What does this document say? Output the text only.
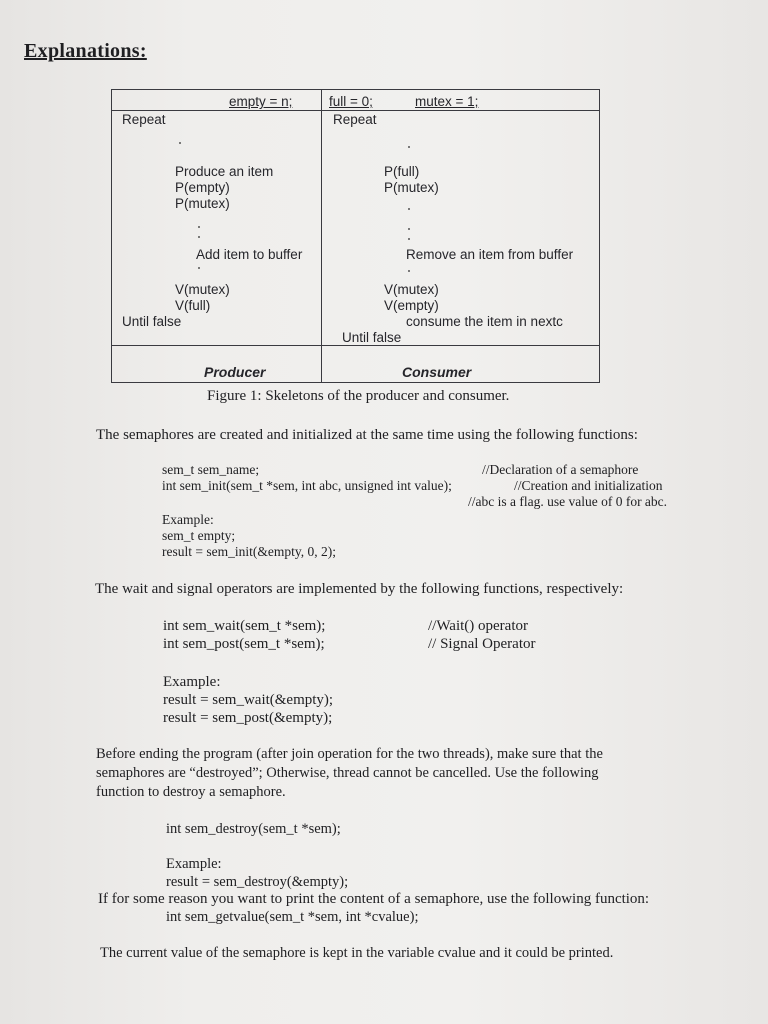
Explanations:
empty = n;	full = 0;	mutex = 1;
Repeat
Produce an item
P(empty)
P(mutex)
Add item to buffer
V(mutex)
V(full)
Until false
Repeat
P(full)
P(mutex)
Remove an item from buffer
V(mutex)
V(empty)
consume the item in nextc
Until false
Producer	Consumer
Figure 1: Skeletons of the producer and consumer.
The semaphores are created and initialized at the same time using the following functions:
sem_t sem_name;	//Declaration of a semaphore
int sem_init(sem_t *sem, int abc, unsigned int value);	//Creation and initialization
//abc is a flag. use value of 0 for abc.
Example:
sem_t empty;
result = sem_init(&empty, 0, 2);
The wait and signal operators are implemented by the following functions, respectively:
int sem_wait(sem_t *sem);	//Wait() operator
int sem_post(sem_t *sem);	// Signal Operator
Example:
result = sem_wait(&empty);
result = sem_post(&empty);
Before ending the program (after join operation for the two threads), make sure that the
semaphores are “destroyed”; Otherwise, thread cannot be cancelled. Use the following
function to destroy a semaphore.
int sem_destroy(sem_t *sem);
Example:
result = sem_destroy(&empty);
If for some reason you want to print the content of a semaphore, use the following function:
int sem_getvalue(sem_t *sem, int *cvalue);
The current value of the semaphore is kept in the variable cvalue and it could be printed.
